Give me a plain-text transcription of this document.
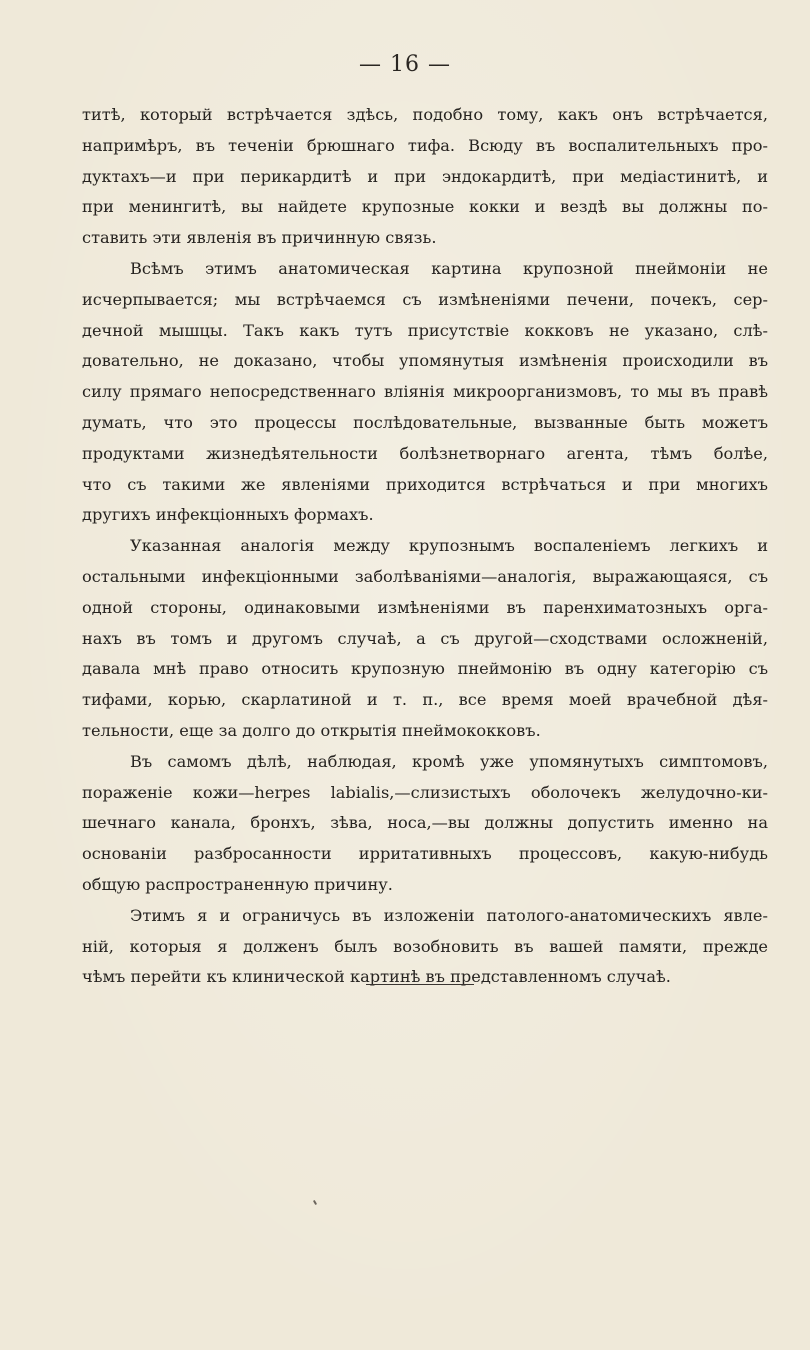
— 16 —
титѣ, который встрѣчается здѣсь, подобно тому, какъ онъ встрѣчается,
напримѣръ, въ теченіи брюшнаго тифа. Всюду въ воспалительныхъ про-
дуктахъ—и при перикардитѣ и при эндокардитѣ, при медіастинитѣ, и
при менингитѣ, вы найдете крупозные кокки и вездѣ вы должны по-
ставить эти явленія въ причинную связь.
Всѣмъ этимъ анатомическая картина крупозной пнеймоніи не
исчерпывается; мы встрѣчаемся съ измѣненіями печени, почекъ, сер-
дечной мышцы. Такъ какъ тутъ присутствіе кокковъ не указано, слѣ-
довательно, не доказано, чтобы упомянутыя измѣненія происходили въ
силу прямаго непосредственнаго вліянія микроорганизмовъ, то мы въ правѣ
думать, что это процессы послѣдовательные, вызванные быть можетъ
продуктами жизнедѣятельности болѣзнетворнаго агента, тѣмъ болѣе,
что съ такими же явленіями приходится встрѣчаться и при многихъ
другихъ инфекціонныхъ формахъ.
Указанная аналогія между крупознымъ воспаленіемъ легкихъ и
остальными инфекціонными заболѣваніями—аналогія, выражающаяся, съ
одной стороны, одинаковыми измѣненіями въ паренхиматозныхъ орга-
нахъ въ томъ и другомъ случаѣ, а съ другой—сходствами осложненій,
давала мнѣ право относить крупозную пнеймонію въ одну категорію съ
тифами, корью, скарлатиной и т. п., все время моей врачебной дѣя-
тельности, еще за долго до открытія пнеймококковъ.
Въ самомъ дѣлѣ, наблюдая, кромѣ уже упомянутыхъ симптомовъ,
пораженіе кожи—herpes labialis,—слизистыхъ оболочекъ желудочно-ки-
шечнаго канала, бронхъ, зѣва, носа,—вы должны допустить именно на
основаніи разбросанности ирритативныхъ процессовъ, какую-нибудь
общую распространенную причину.
Этимъ я и ограничусь въ изложеніи патолого-анатомическихъ явле-
ній, которыя я долженъ былъ возобновить въ вашей памяти, прежде
чѣмъ перейти къ клинической картинѣ въ представленномъ случаѣ.
